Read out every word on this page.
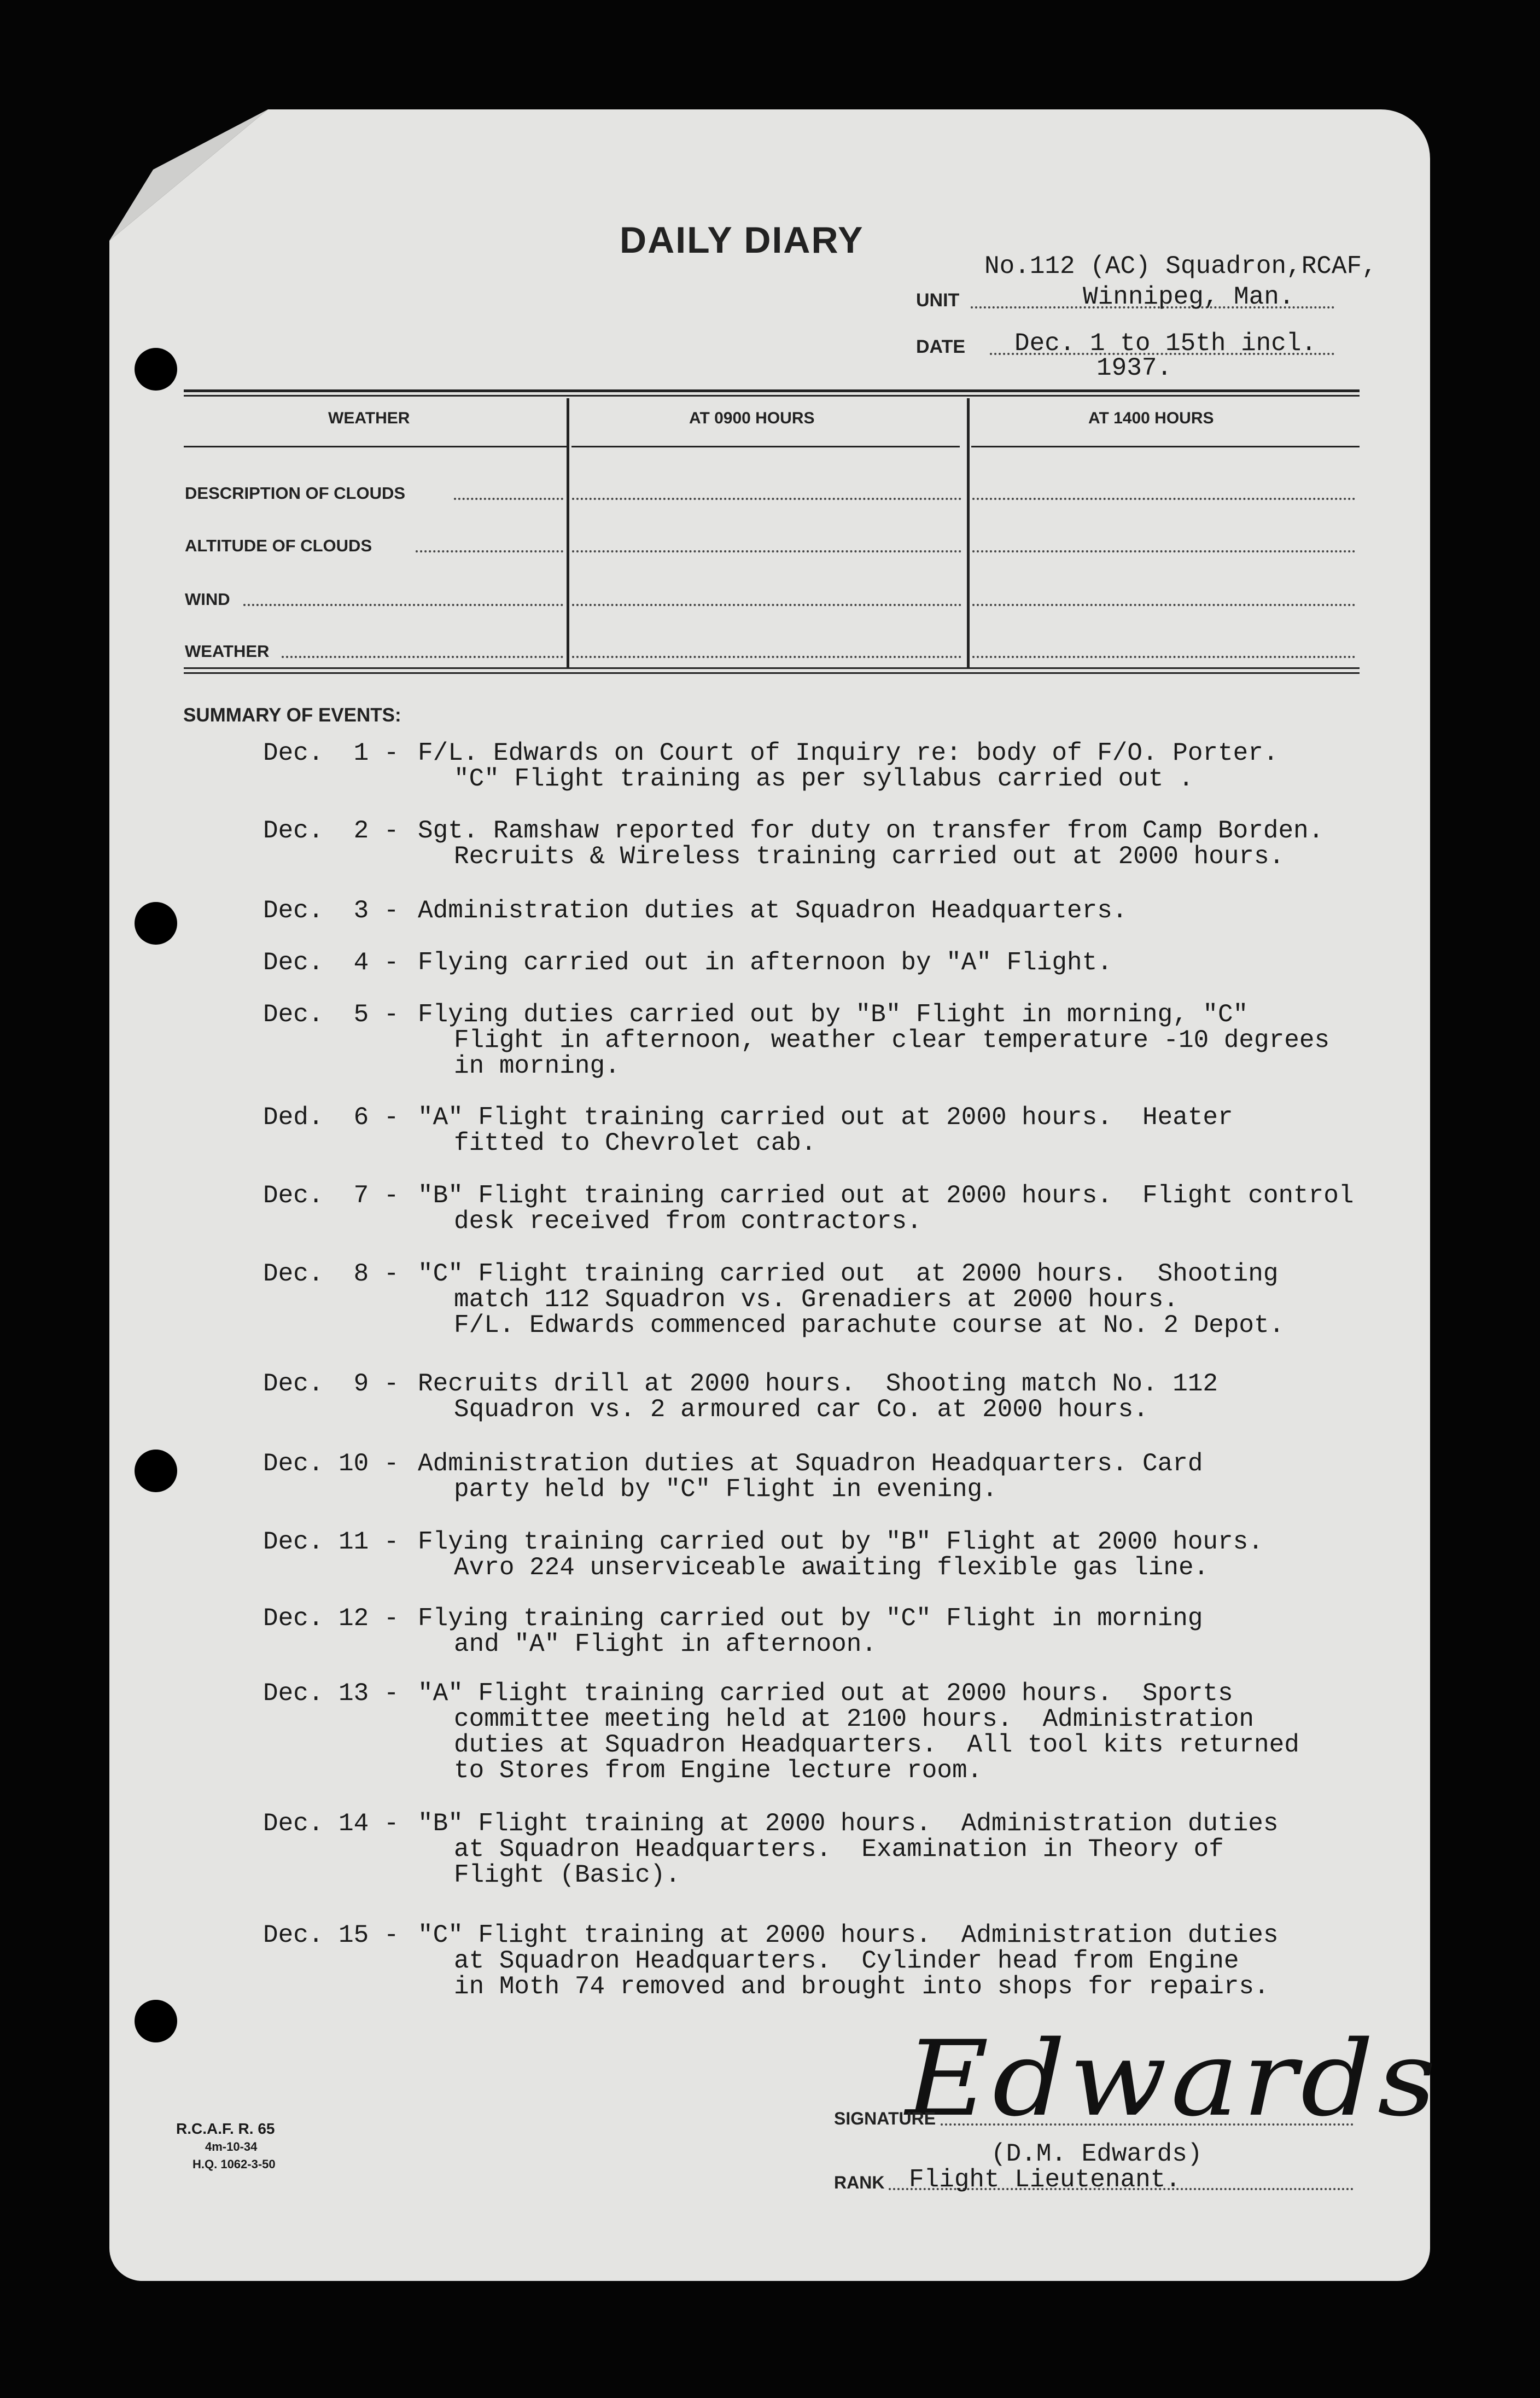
DAILY DIARY
No.112 (AC) Squadron,RCAF,
UNIT	Winnipeg, Man.
DATE Dec. 1 to 15th incl.
1937.
WEATHER	AT 0900 HOURS	AT 1400 HOURS
DESCRIPTION OF CLOUDS
ALTITUDE OF CLOUDS
WIND
WEATHER
SUMMARY OF EVENTS:
Dec.  1 - F/L. Edwards on Court of Inquiry re: body of F/O. Porter.
"C" Flight training as per syllabus carried out .
Dec.  2 - Sgt. Ramshaw reported for duty on transfer from Camp Borden.
Recruits & Wireless training carried out at 2000 hours.
Dec.  3 - Administration duties at Squadron Headquarters.
Dec.  4 - Flying carried out in afternoon by "A" Flight.
Dec.  5 - Flying duties carried out by "B" Flight in morning, "C"
Flight in afternoon, weather clear temperature -10 degrees
in morning.
Ded.  6 - "A" Flight training carried out at 2000 hours.  Heater
fitted to Chevrolet cab.
Dec.  7 - "B" Flight training carried out at 2000 hours.  Flight control
desk received from contractors.
Dec.  8 - "C" Flight training carried out  at 2000 hours.  Shooting
match 112 Squadron vs. Grenadiers at 2000 hours.
F/L. Edwards commenced parachute course at No. 2 Depot.
Dec.  9 - Recruits drill at 2000 hours.  Shooting match No. 112
Squadron vs. 2 armoured car Co. at 2000 hours.
Dec. 10 - Administration duties at Squadron Headquarters. Card
party held by "C" Flight in evening.
Dec. 11 - Flying training carried out by "B" Flight at 2000 hours.
Avro 224 unserviceable awaiting flexible gas line.
Dec. 12 - Flying training carried out by "C" Flight in morning
and "A" Flight in afternoon.
Dec. 13 - "A" Flight training carried out at 2000 hours.  Sports
committee meeting held at 2100 hours.  Administration
duties at Squadron Headquarters.  All tool kits returned
to Stores from Engine lecture room.
Dec. 14 - "B" Flight training at 2000 hours.  Administration duties
at Squadron Headquarters.  Examination in Theory of
Flight (Basic).
Dec. 15 - "C" Flight training at 2000 hours.  Administration duties
at Squadron Headquarters.  Cylinder head from Engine
in Moth 74 removed and brought into shops for repairs.
R.C.A.F. R. 65
4m-10-34
H.Q. 1062-3-50
Edwards
SIGNATURE
(D.M. Edwards)
RANK Flight Lieutenant.
